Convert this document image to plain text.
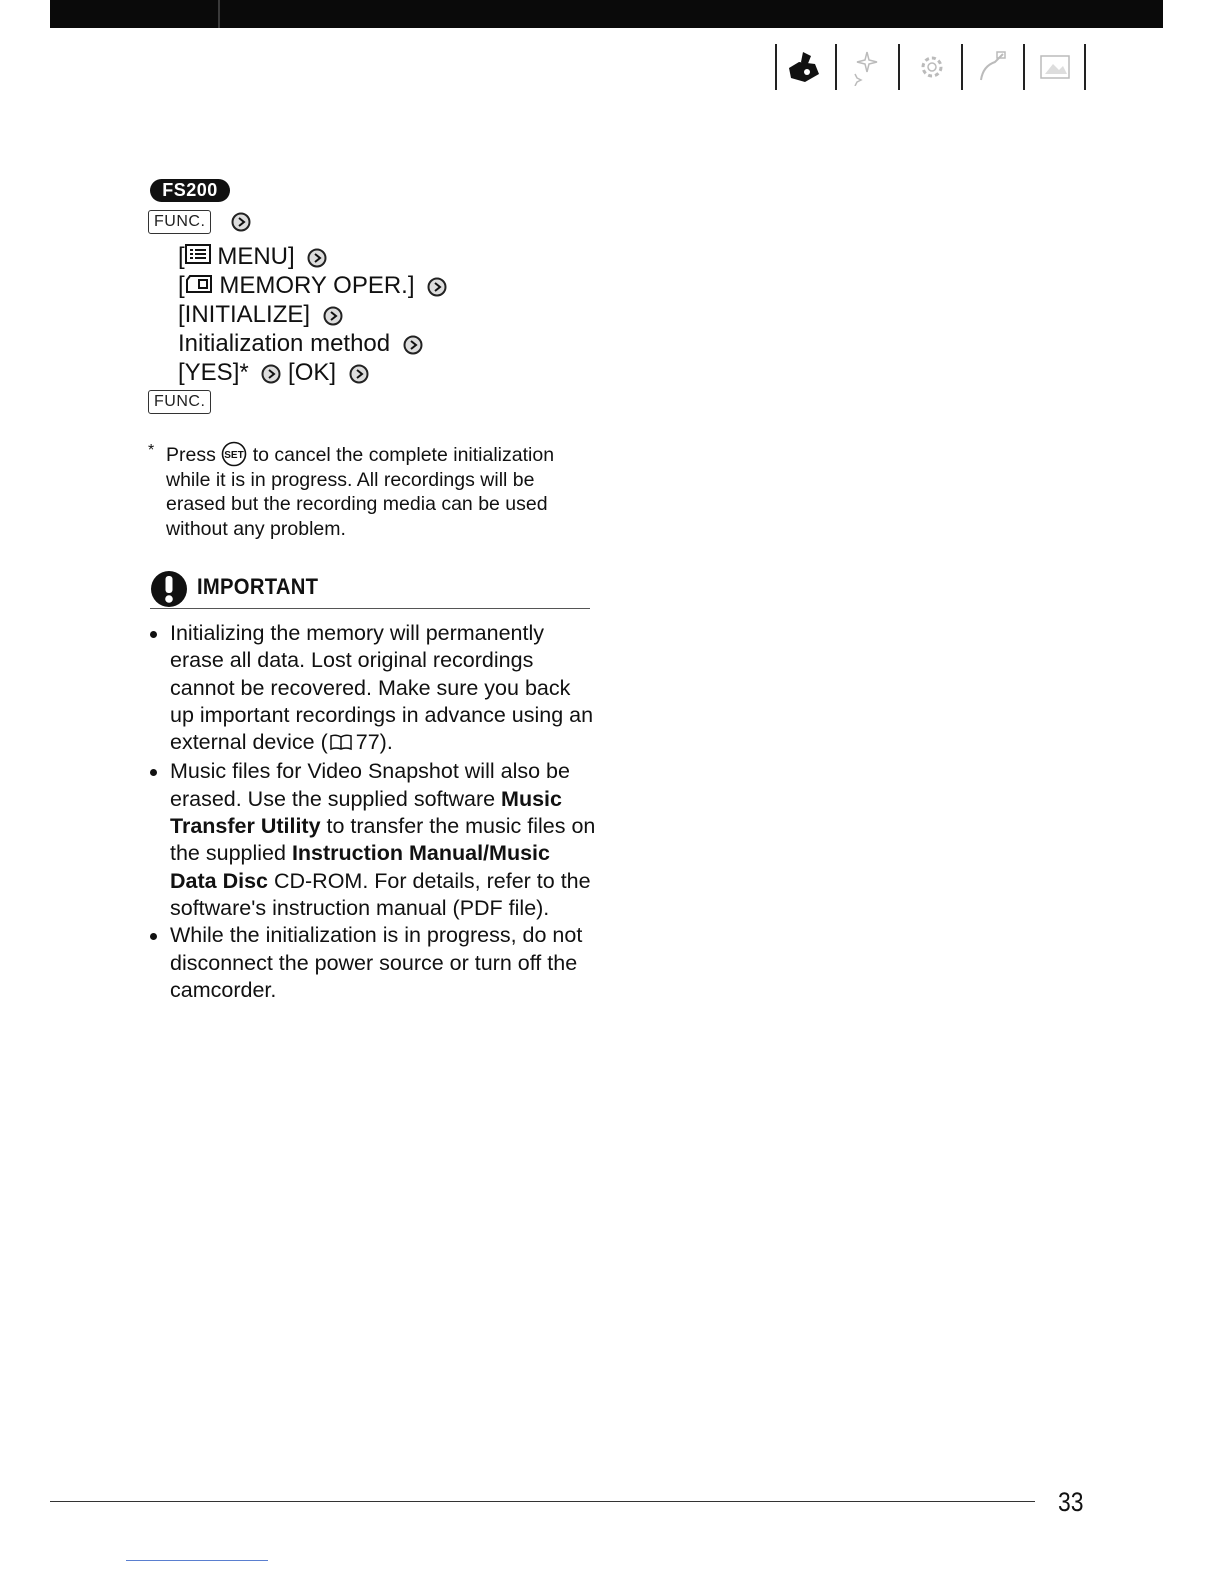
FS200
FUNC.
[ MENU]
[ MEMORY OPER.]
[INITIALIZE]
Initialization method
[YES]* [OK]
FUNC.
* Press SET to cancel the complete initialization while it is in progress. All recordings will be erased but the recording media can be used without any problem.
IMPORTANT
Initializing the memory will permanently erase all data. Lost original recordings cannot be recovered. Make sure you back up important recordings in advance using an external device ( 77).
Music files for Video Snapshot will also be erased. Use the supplied software Music Transfer Utility to transfer the music files on the supplied Instruction Manual/Music Data Disc CD-ROM. For details, refer to the software's instruction manual (PDF file).
While the initialization is in progress, do not disconnect the power source or turn off the camcorder.
33
